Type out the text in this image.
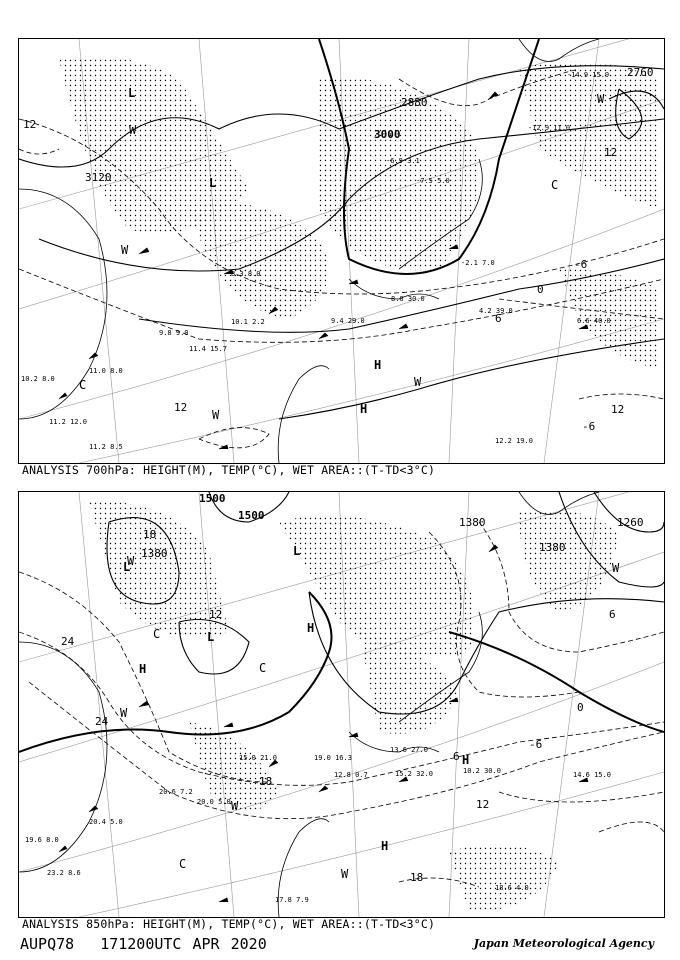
3120
3000
2880
2760
12
12	12
12
-6
0
-6
6
L
L
H
H
C
C
W
W
W
W
W
10.2 8.0
9.8 9.0
11.0 8.0
11.2 12.0
11.2 8.5
11.4 15.7
8.3 8.0
10.1 2.2
8.0 30.0
9.4 29.0
4.2 39.0
6.6 40.0
12.2 19.0
-7.5 5.0
-6.9 3.1
-2.1 7.0
-12.9 11.0
-14.9 15.9
ANALYSIS 700hPa: HEIGHT(M), TEMP(°C), WET AREA::(T-TD<3°C)
1500
1500
1380
1380
1380
1260
18
12
24
24
18
12
18
6
0
-6
6
L
L
L
H
H
H
H
C
C
C
W
W
W
W
W
20.6 7.2
20.0 5.0
20.4 5.0
19.6 8.0
23.2 8.6
18.6 4.0
17.8 7.9
13.6 27.0
15.2 32.0	10.2 30.0	14.6 15.0
12.8 0.7
15.0 21.0	19.0 16.3
ANALYSIS 850hPa: HEIGHT(M), TEMP(°C), WET AREA::(T-TD<3°C)
AUPQ78 171200UTC APR 2020	Japan Meteorological Agency
